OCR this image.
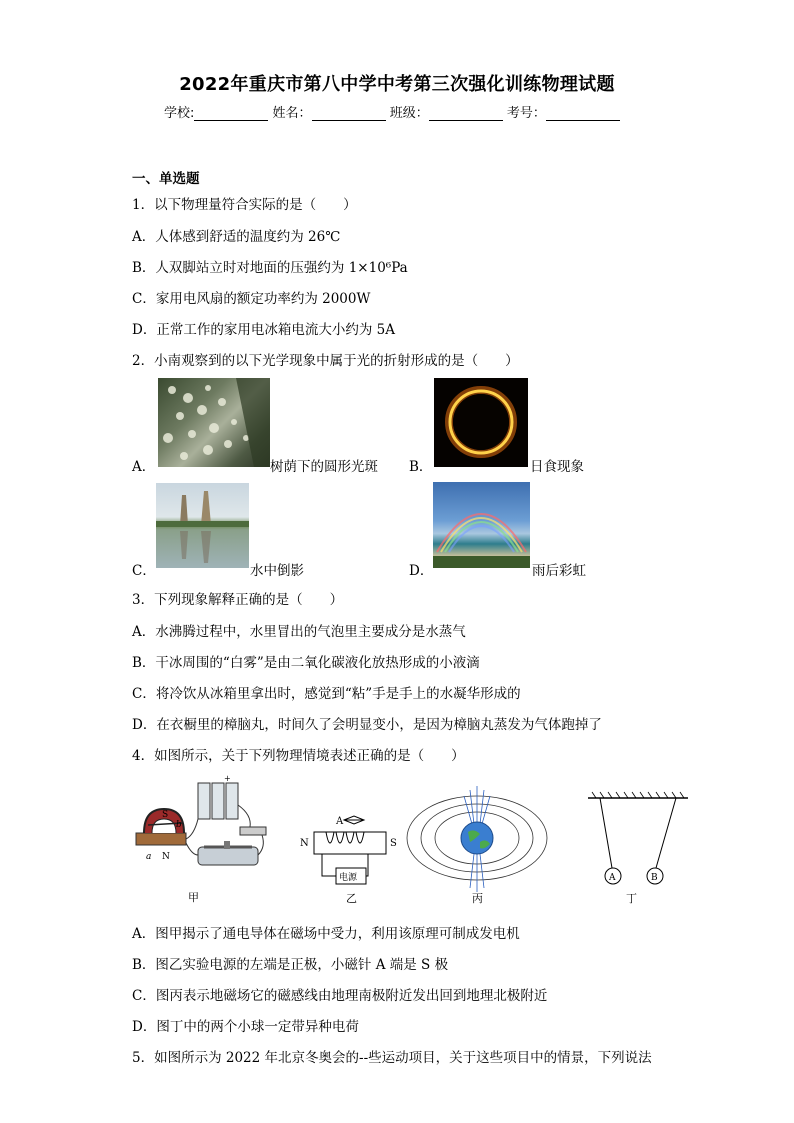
2022年重庆市第八中学中考第三次强化训练物理试题
学校:	姓名：	班级：	考号：
一、单选题
1．以下物理量符合实际的是（　　）
A．人体感到舒适的温度约为 26℃
B．人双脚站立时对地面的压强约为 1×10⁶Pa
C．家用电风扇的额定功率约为 2000W
D．正常工作的家用电冰箱电流大小约为 5A
2．小南观察到的以下光学现象中属于光的折射形成的是（　　）
A．	树荫下的圆形光斑 B．	日食现象
C．	水中倒影	D．	雨后彩虹
3．下列现象解释正确的是（　　）
A．水沸腾过程中，水里冒出的气泡里主要成分是水蒸气
B．干冰周围的“白雾”是由二氧化碳液化放热形成的小液滴
C．将冷饮从冰箱里拿出时，感觉到“粘”手是手上的水凝华形成的
D．在衣橱里的樟脑丸，时间久了会明显变小，是因为樟脑丸蒸发为气体跑掉了
4．如图所示，关于下列物理情境表述正确的是（　　）
S
N
a
b
+
甲
A
N	S
电源
乙	丙
A	B
丁
A．图甲揭示了通电导体在磁场中受力，利用该原理可制成发电机
B．图乙实验电源的左端是正极，小磁针 A 端是 S 极
C．图丙表示地磁场它的磁感线由地理南极附近发出回到地理北极附近
D．图丁中的两个小球一定带异种电荷
5．如图所示为 2022 年北京冬奥会的--些运动项目，关于这些项目中的情景，下列说法
